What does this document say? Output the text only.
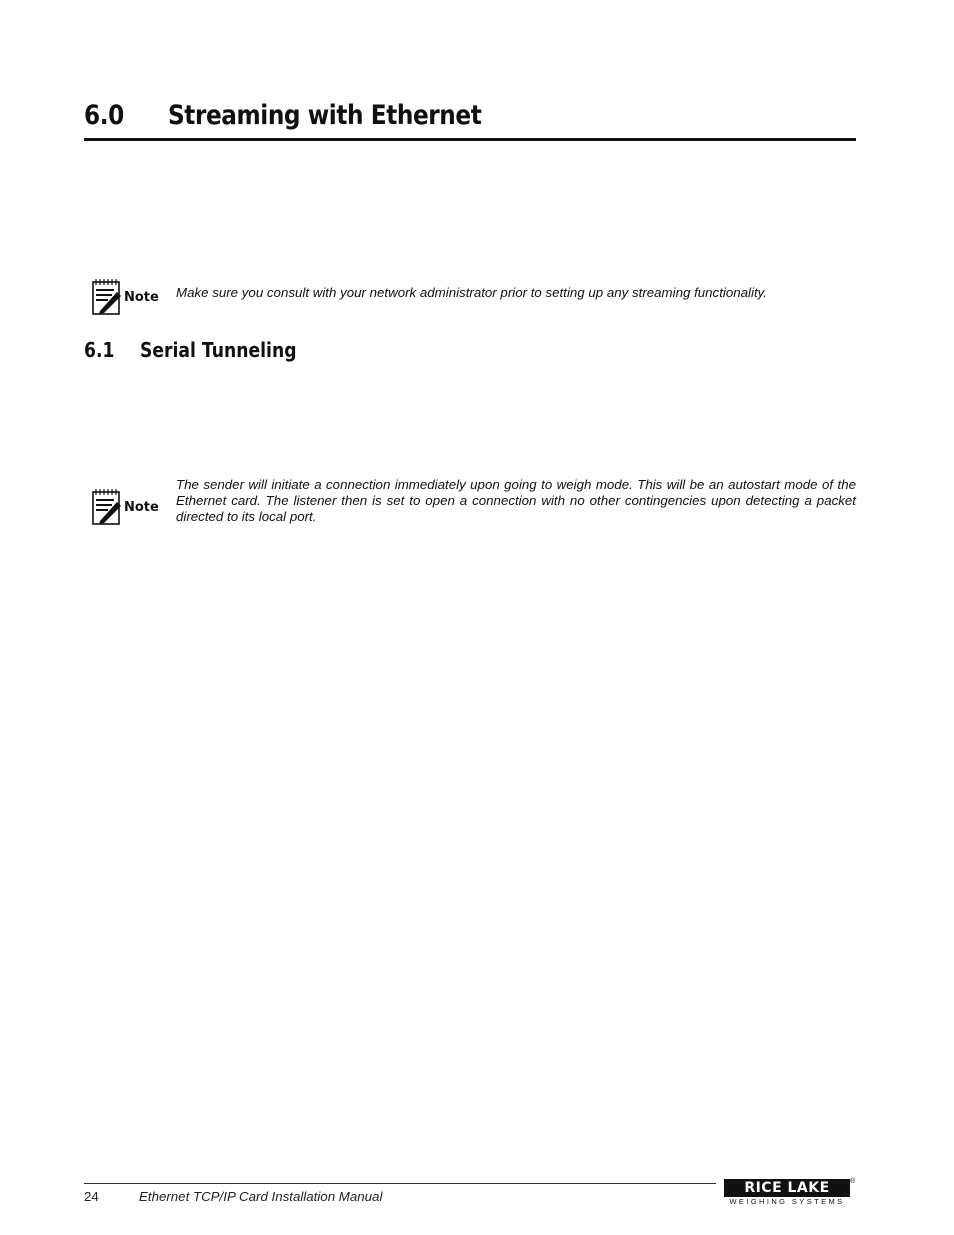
6.0 Streaming with Ethernet
Note Make sure you consult with your network administrator prior to setting up any streaming functionality.
6.1 Serial Tunneling
Note
The sender will initiate a connection immediately upon going to weigh mode. This will be an autostart mode of the Ethernet card. The listener then is set to open a connection with no other contingencies upon detecting a packet directed to its local port.
24	Ethernet TCP/IP Card Installation Manual
RICE LAKE
WEIGHING SYSTEMS
®
